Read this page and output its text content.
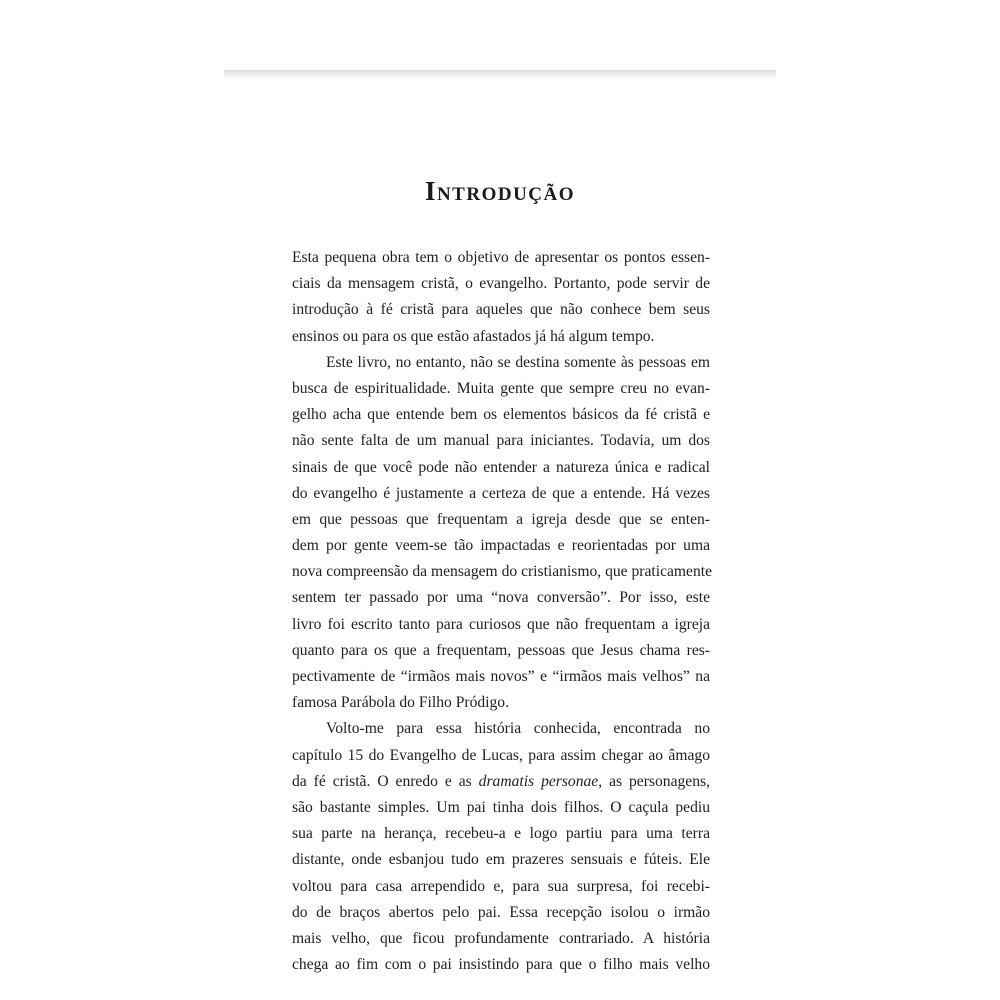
Introdução

Esta pequena obra tem o objetivo de apresentar os pontos essen-
ciais da mensagem cristã, o evangelho. Portanto, pode servir de
introdução à fé cristã para aqueles que não conhece bem seus
ensinos ou para os que estão afastados já há algum tempo.

Este livro, no entanto, não se destina somente às pessoas em
busca de espiritualidade. Muita gente que sempre creu no evan-
gelho acha que entende bem os elementos básicos da fé cristã e
não sente falta de um manual para iniciantes. Todavia, um dos
sinais de que você pode não entender a natureza única e radical
do evangelho é justamente a certeza de que a entende. Há vezes
em que pessoas que frequentam a igreja desde que se enten-
dem por gente veem-se tão impactadas e reorientadas por uma
nova compreensão da mensagem do cristianismo, que praticamente
sentem ter passado por uma “nova conversão”. Por isso, este
livro foi escrito tanto para curiosos que não frequentam a igreja
quanto para os que a frequentam, pessoas que Jesus chama res-
pectivamente de “irmãos mais novos” e “irmãos mais velhos” na
famosa Parábola do Filho Pródigo.

Volto-me para essa história conhecida, encontrada no
capítulo 15 do Evangelho de Lucas, para assim chegar ao âmago
da fé cristã. O enredo e as dramatis personae, as personagens,
são bastante simples. Um pai tinha dois filhos. O caçula pediu
sua parte na herança, recebeu-a e logo partiu para uma terra
distante, onde esbanjou tudo em prazeres sensuais e fúteis. Ele
voltou para casa arrependido e, para sua surpresa, foi recebi-
do de braços abertos pelo pai. Essa recepção isolou o irmão
mais velho, que ficou profundamente contrariado. A história
chega ao fim com o pai insistindo para que o filho mais velho
